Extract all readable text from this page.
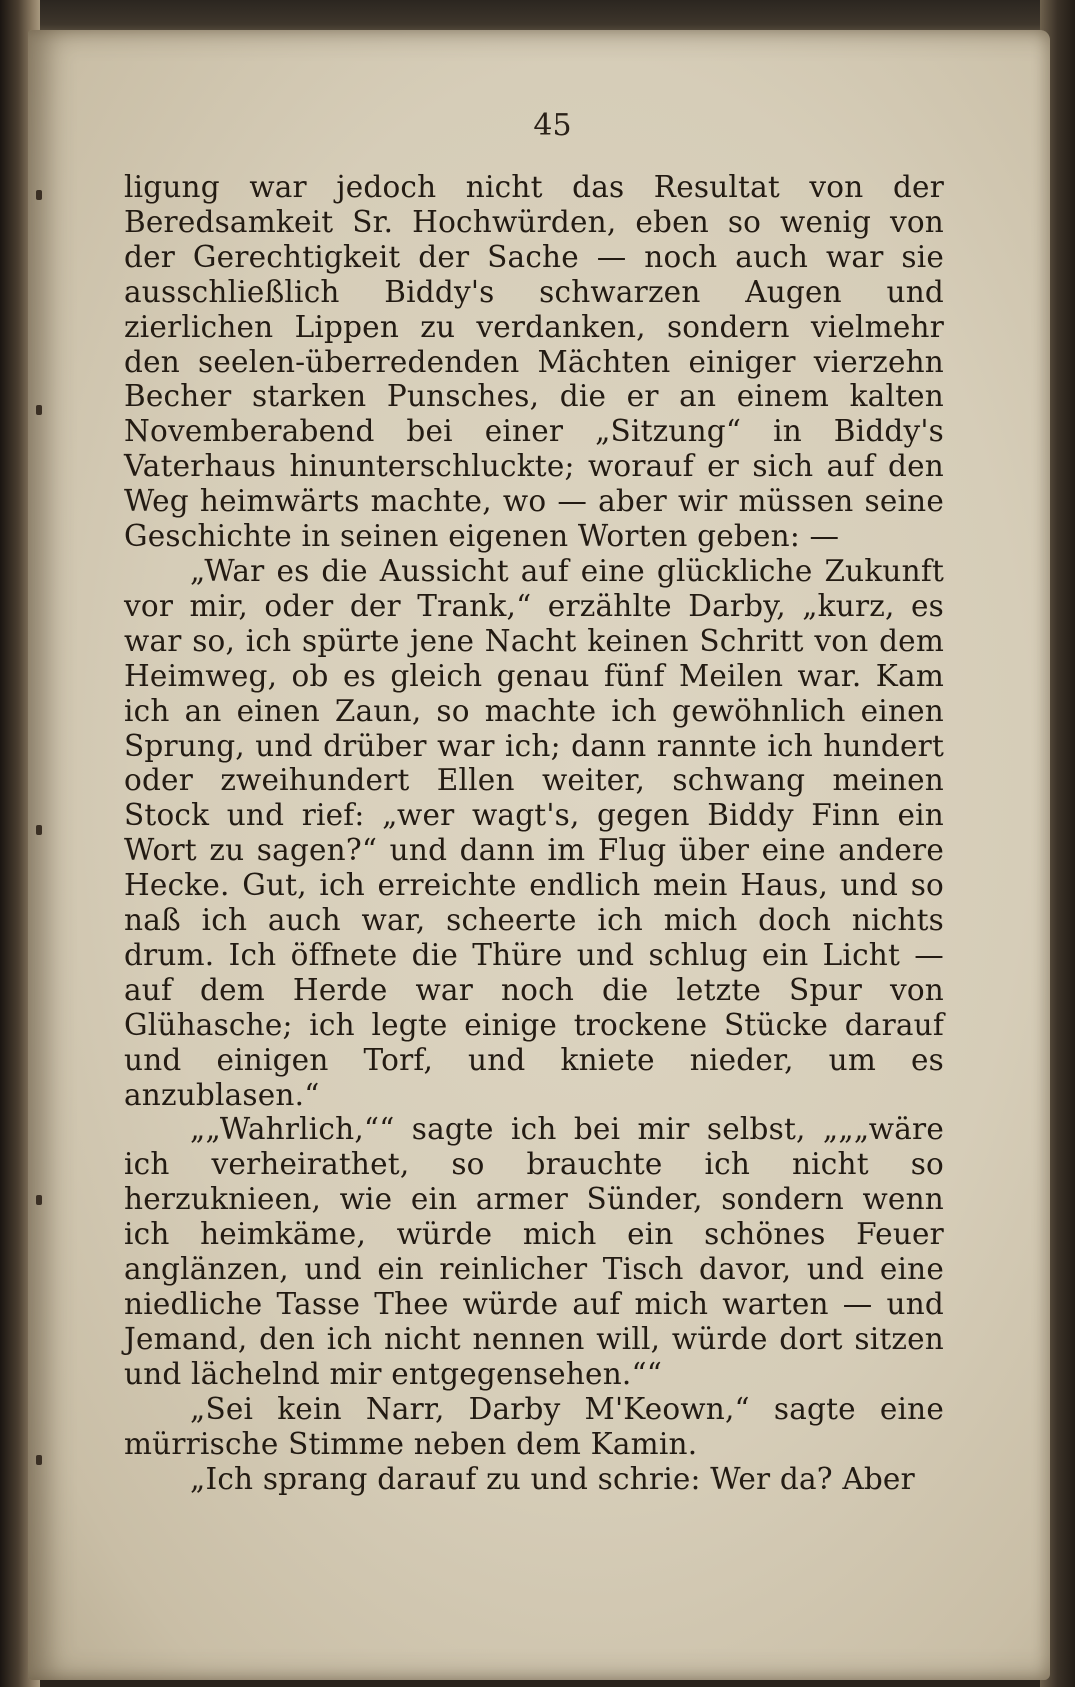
45

ligung war jedoch nicht das Resultat von der Beredsamkeit Sr. Hochwürden, eben so wenig von der Gerechtigkeit der Sache — noch auch war sie ausschließlich Biddy's schwarzen Augen und zierlichen Lippen zu verdanken, sondern vielmehr den seelen-überredenden Mächten einiger vierzehn Becher starken Punsches, die er an einem kalten Novemberabend bei einer „Sitzung“ in Biddy's Vaterhaus hinunterschluckte; worauf er sich auf den Weg heimwärts machte, wo — aber wir müssen seine Geschichte in seinen eigenen Worten geben: —

„War es die Aussicht auf eine glückliche Zukunft vor mir, oder der Trank,“ erzählte Darby, „kurz, es war so, ich spürte jene Nacht keinen Schritt von dem Heimweg, ob es gleich genau fünf Meilen war. Kam ich an einen Zaun, so machte ich gewöhnlich einen Sprung, und drüber war ich; dann rannte ich hundert oder zweihundert Ellen weiter, schwang meinen Stock und rief: „wer wagt's, gegen Biddy Finn ein Wort zu sagen?“ und dann im Flug über eine andere Hecke. Gut, ich erreichte endlich mein Haus, und so naß ich auch war, scheerte ich mich doch nichts drum. Ich öffnete die Thüre und schlug ein Licht — auf dem Herde war noch die letzte Spur von Glühasche; ich legte einige trockene Stücke darauf und einigen Torf, und kniete nieder, um es anzublasen.“

„„Wahrlich,““ sagte ich bei mir selbst, „„„wäre ich verheirathet, so brauchte ich nicht so herzuknieen, wie ein armer Sünder, sondern wenn ich heimkäme, würde mich ein schönes Feuer anglänzen, und ein reinlicher Tisch davor, und eine niedliche Tasse Thee würde auf mich warten — und Jemand, den ich nicht nennen will, würde dort sitzen und lächelnd mir entgegensehen.““

„Sei kein Narr, Darby M'Keown,“ sagte eine mürrische Stimme neben dem Kamin.

„Ich sprang darauf zu und schrie: Wer da? Aber
